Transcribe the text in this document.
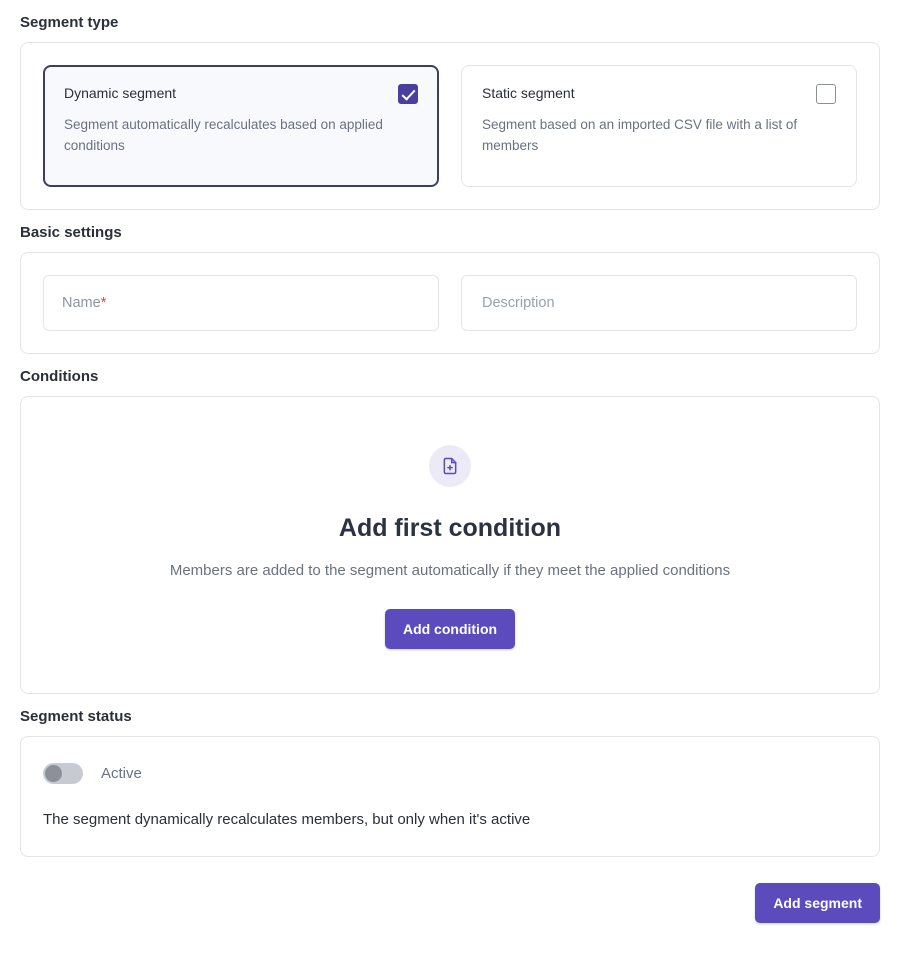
Segment type
Dynamic segment
Segment automatically recalculates based on applied conditions
Static segment
Segment based on an imported CSV file with a list of members
Basic settings
Name*
Description
Conditions
Add first condition

Members are added to the segment automatically if they meet the applied conditions

Add condition
Segment status
Active

The segment dynamically recalculates members, but only when it's active

Add segment
